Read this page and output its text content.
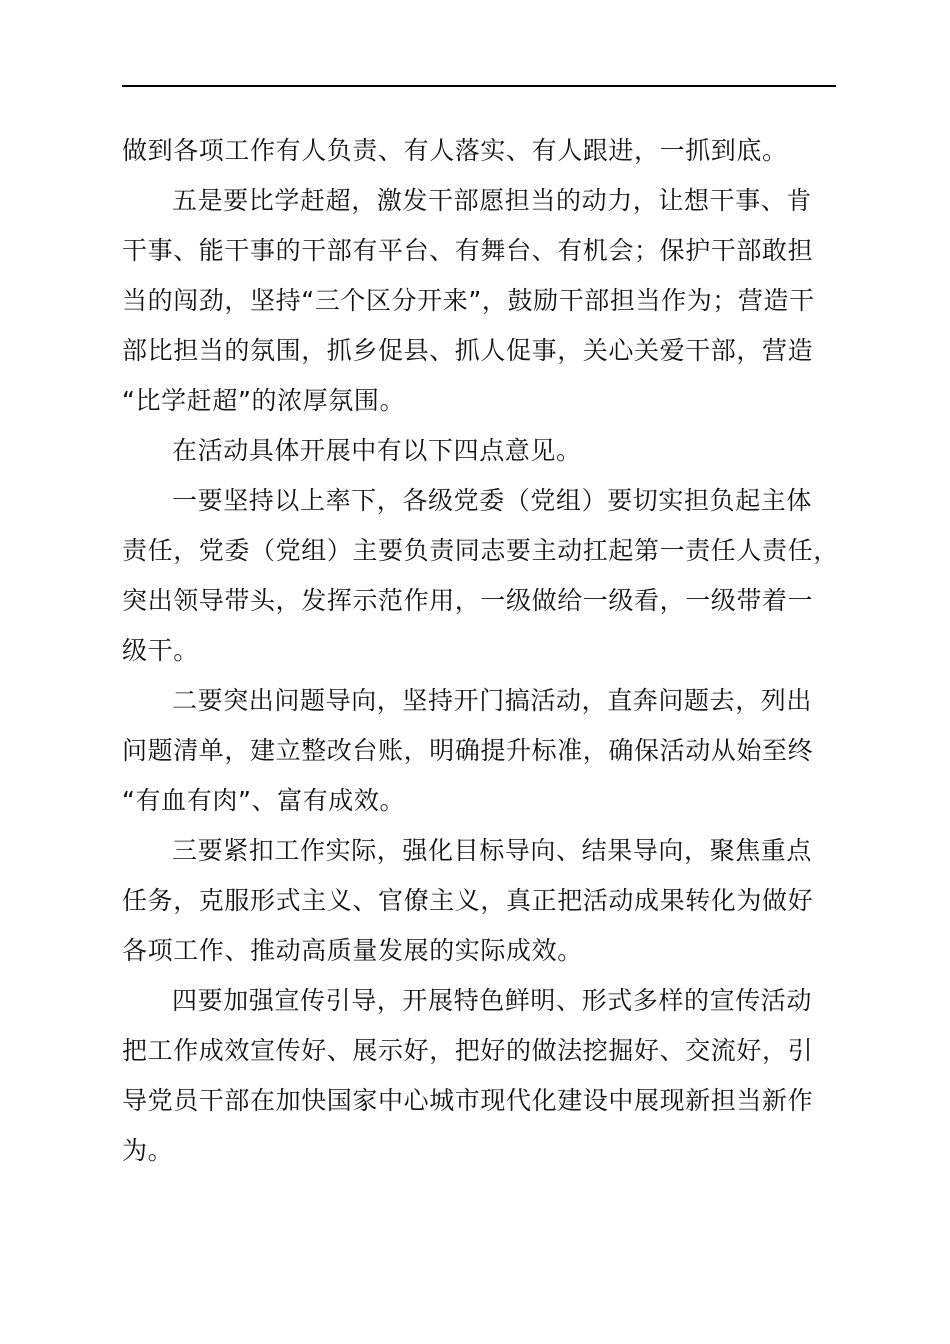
做到各项工作有人负责、有人落实、有人跟进，一抓到底。
五是要比学赶超，激发干部愿担当的动力，让想干事、肯
干事、能干事的干部有平台、有舞台、有机会；保护干部敢担
当的闯劲，坚持“三个区分开来”，鼓励干部担当作为；营造干
部比担当的氛围，抓乡促县、抓人促事，关心关爱干部，营造
“比学赶超”的浓厚氛围。
在活动具体开展中有以下四点意见。
一要坚持以上率下，各级党委（党组）要切实担负起主体
责任，党委（党组）主要负责同志要主动扛起第一责任人责任，
突出领导带头，发挥示范作用，一级做给一级看，一级带着一
级干。
二要突出问题导向，坚持开门搞活动，直奔问题去，列出
问题清单，建立整改台账，明确提升标准，确保活动从始至终
“有血有肉”、富有成效。
三要紧扣工作实际，强化目标导向、结果导向，聚焦重点
任务，克服形式主义、官僚主义，真正把活动成果转化为做好
各项工作、推动高质量发展的实际成效。
四要加强宣传引导，开展特色鲜明、形式多样的宣传活动
把工作成效宣传好、展示好，把好的做法挖掘好、交流好，引
导党员干部在加快国家中心城市现代化建设中展现新担当新作
为。
